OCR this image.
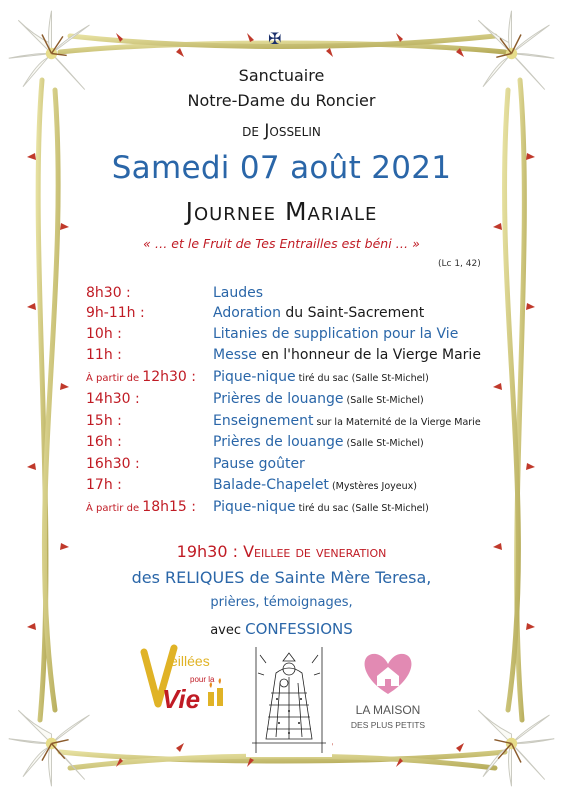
✠
Sanctuaire
Notre-Dame du Roncier
de Josselin
Samedi 07 août 2021
Journee Mariale
« … et le Fruit de Tes Entrailles est béni … »
(Lc 1, 42)
8h30 :	Laudes
9h-11h :	Adoration du Saint-Sacrement
10h :	Litanies de supplication pour la Vie
11h :	Messe en l'honneur de la Vierge Marie
À partir de 12h30 : Pique-nique tiré du sac (Salle St-Michel)
14h30 :	Prières de louange (Salle St-Michel)
15h :	Enseignement sur la Maternité de la Vierge Marie
16h :	Prières de louange (Salle St-Michel)
16h30 :	Pause goûter
17h :	Balade-Chapelet (Mystères Joyeux)
À partir de 18h15 : Pique-nique tiré du sac (Salle St-Michel)
19h30 : Veillee de veneration
des RELIQUES de Sainte Mère Teresa,
prières, témoignages,
avec CONFESSIONS
eillées
pour la
Vie	LA MAISON
DES PLUS PETITS
